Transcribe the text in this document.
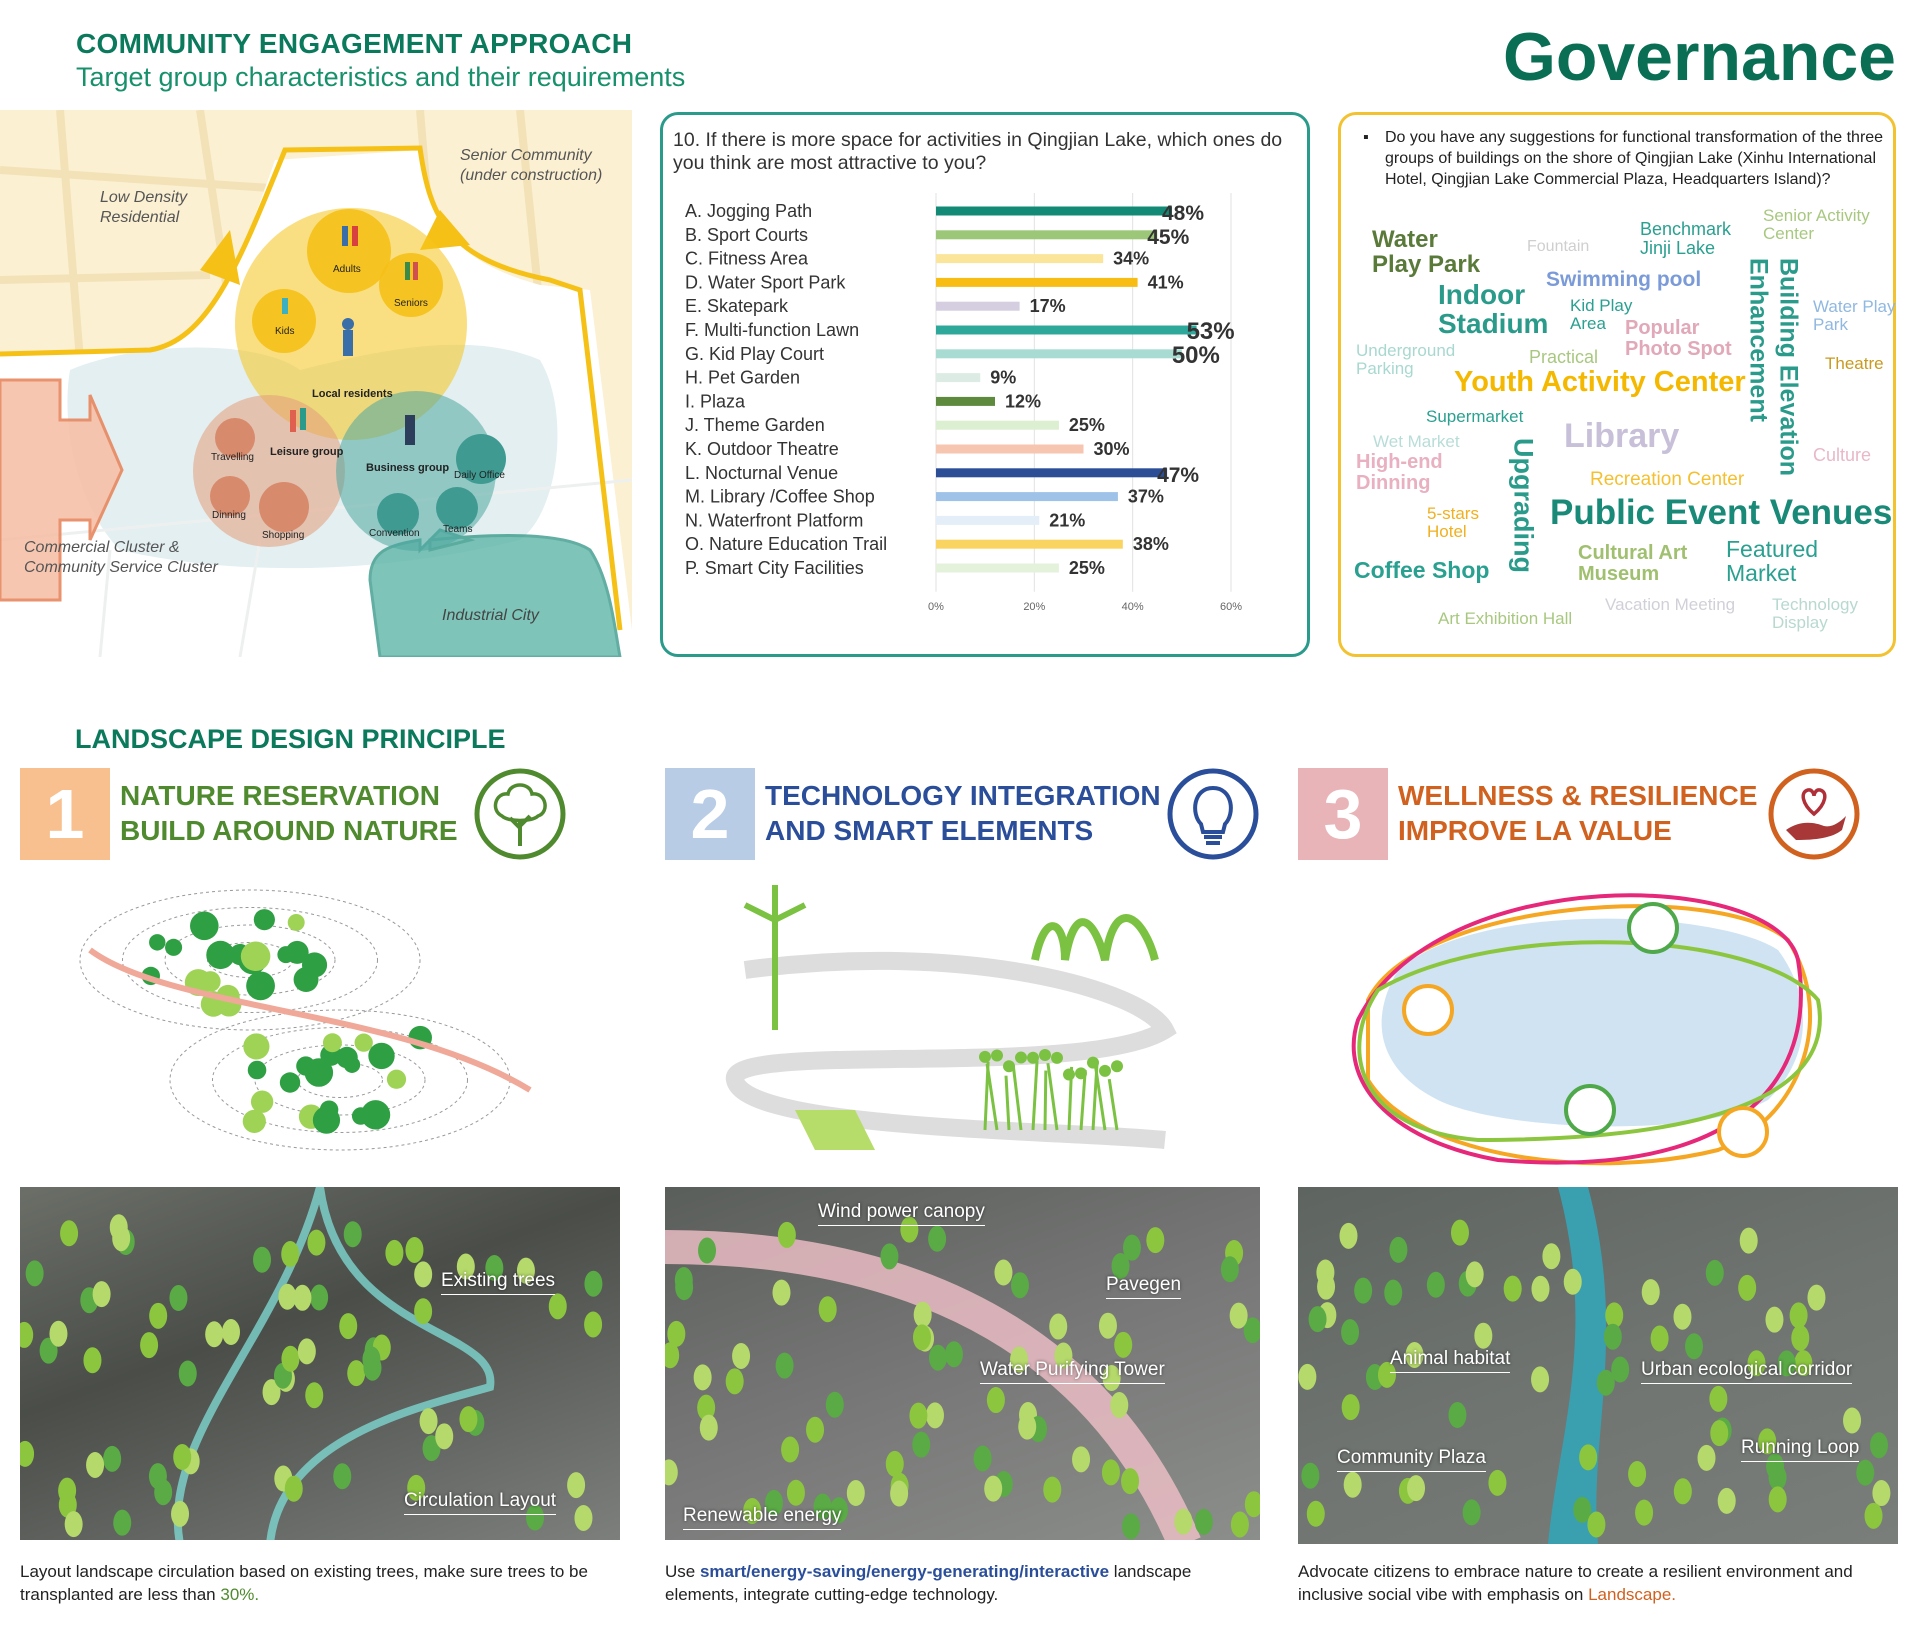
COMMUNITY ENGAGEMENT APPROACH
Target group characteristics and their requirements	Governance
Low Density
Residential
Senior Community
(under construction)
Commercial Cluster &
Community Service Cluster
Industrial City
Local residents
Adults
Kids
Seniors
Leisure group
Travelling
Dinning
Shopping
Business group
Daily Office
Convention Teams
10. If there is more space for activities in Qingjian Lake, which ones do you think are most attractive to you?
0%	20%	40%	60%
A. Jogging Path	48%
B. Sport Courts	45%
C. Fitness Area	34%
D. Water Sport Park	41%
E. Skatepark	17%
F. Multi-function Lawn	53%
G. Kid Play Court	50%
H. Pet Garden	9%
I. Plaza	12%
J. Theme Garden	25%
K. Outdoor Theatre	30%
L. Nocturnal Venue	47%
M. Library /Coffee Shop	37%
N. Waterfront Platform	21%
O. Nature Education Trail	38%
P. Smart City Facilities	25%
▪ Do you have any suggestions for functional transformation of the three groups of buildings on the shore of Qingjian Lake (Xinhu International Hotel, Qingjian Lake Commercial Plaza, Headquarters Island)?
Water Play Park
Fountain
Benchmark Jinji Lake
Senior Activity Center
Swimming pool
Indoor Stadium
Kid Play Area Popular Photo Spot Enhancement Building Elevation Water Play Park
Underground Parking
Practical
Youth Activity Center
Theatre
Supermarket
Wet Market
High-end Dinning	Upgrading
Library	Culture
Recreation Center
5-stars Hotel	Public Event Venues
Cultural Art Museum
Featured Market
Coffee Shop
Vacation Meeting Technology Display
Art Exhibition Hall
LANDSCAPE DESIGN PRINCIPLE
1	NATURE RESERVATION
BUILD AROUND NATURE
Existing trees
Circulation Layout
Layout landscape circulation based on existing trees, make sure trees to be transplanted are less than 30%.
2	TECHNOLOGY INTEGRATION
AND SMART ELEMENTS
Wind power canopy
Pavegen
Water Purifying Tower
Renewable energy
Use smart/energy-saving/energy-generating/interactive landscape elements, integrate cutting-edge technology.
3	WELLNESS & RESILIENCE
IMPROVE LA VALUE
Animal habitat
Urban ecological corridor
Community Plaza	Running Loop
Advocate citizens to embrace nature to create a resilient environment and inclusive social vibe with emphasis on Landscape.
